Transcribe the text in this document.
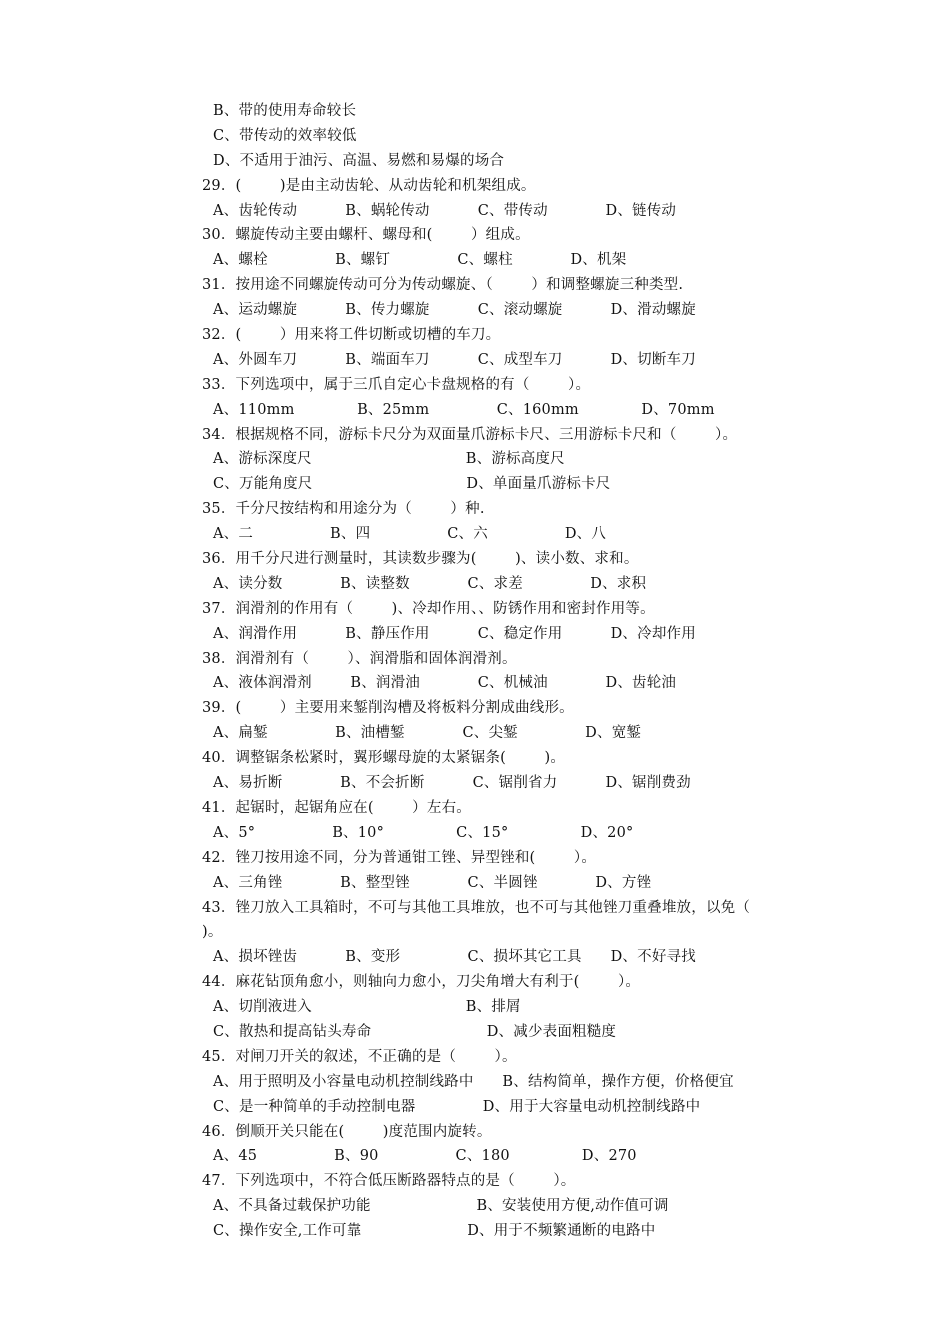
B、带的使用寿命较长
C、带传动的效率较低
D、不适用于油污、高温、易燃和易爆的场合
29．(        )是由主动齿轮、从动齿轮和机架组成。
A、齿轮传动          B、蜗轮传动          C、带传动            D、链传动
30．螺旋传动主要由螺杆、螺母和(        ）组成。
A、螺栓              B、螺钉              C、螺柱            D、机架
31．按用途不同螺旋传动可分为传动螺旋、（        ）和调整螺旋三种类型.
A、运动螺旋          B、传力螺旋          C、滚动螺旋          D、滑动螺旋
32．(        ）用来将工件切断或切槽的车刀。
A、外圆车刀          B、端面车刀          C、成型车刀          D、切断车刀
33．下列选项中，属于三爪自定心卡盘规格的有（        ）。
A、110mm             B、25mm              C、160mm             D、70mm
34．根据规格不同，游标卡尺分为双面量爪游标卡尺、三用游标卡尺和（        ）。
A、游标深度尺                                B、游标高度尺
C、万能角度尺                                D、单面量爪游标卡尺
35．千分尺按结构和用途分为（        ）种.
A、二                B、四                C、六                D、八
36．用千分尺进行测量时，其读数步骤为(        )、读小数、求和。
A、读分数            B、读整数            C、求差              D、求积
37．润滑剂的作用有（        )、冷却作用、、防锈作用和密封作用等。
A、润滑作用          B、静压作用          C、稳定作用          D、冷却作用
38．润滑剂有（        ）、润滑脂和固体润滑剂。
A、液体润滑剂        B、润滑油            C、机械油            D、齿轮油
39．(        ）主要用来錾削沟槽及将板料分割成曲线形。
A、扁錾              B、油槽錾            C、尖錾              D、宽錾
40．调整锯条松紧时，翼形螺母旋的太紧锯条(        )。
A、易折断            B、不会折断          C、锯削省力          D、锯削费劲
41．起锯时，起锯角应在(        ）左右。
A、5°                B、10°               C、15°               D、20°
42．锉刀按用途不同，分为普通钳工锉、异型锉和(        ）。
A、三角锉            B、整型锉            C、半圆锉            D、方锉
43．锉刀放入工具箱时，不可与其他工具堆放，也不可与其他锉刀重叠堆放，以免（
)。
A、损坏锉齿          B、变形              C、损坏其它工具      D、不好寻找
44．麻花钻顶角愈小，则轴向力愈小，刀尖角增大有利于(        ）。
A、切削液进入                                B、排屑
C、散热和提高钻头寿命                        D、减少表面粗糙度
45．对闸刀开关的叙述，不正确的是（        ）。
A、用于照明及小容量电动机控制线路中      B、结构简单，操作方便，价格便宜
C、是一种简单的手动控制电器              D、用于大容量电动机控制线路中
46．倒顺开关只能在(        )度范围内旋转。
A、45                B、90                C、180               D、270
47．下列选项中，不符合低压断路器特点的是（        ）。
A、不具备过载保护功能                      B、安装使用方便,动作值可调
C、操作安全,工作可靠                      D、用于不频繁通断的电路中
